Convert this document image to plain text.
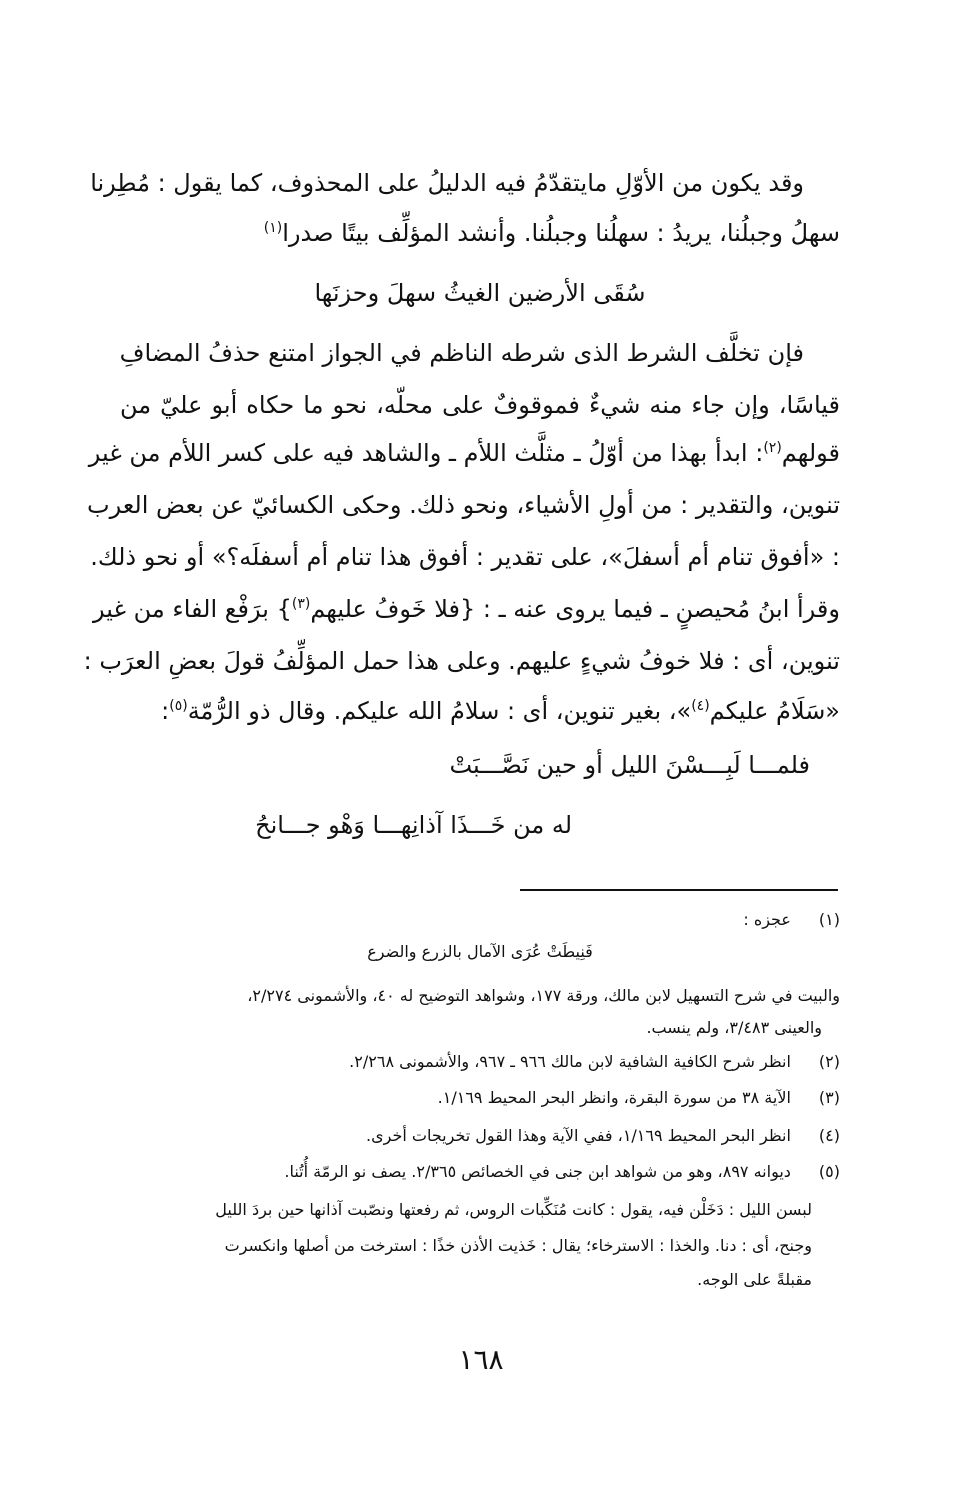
وقد يكون من الأوّلِ مايتقدّمُ فيه الدليلُ على المحذوف، كما يقول : مُطِرنا
سهلُ وجبلُنا، يريدُ : سهلُنا وجبلُنا. وأنشد المؤلِّف بيتًا صدرا$^{(١)}$
سُقَى الأرضين الغيثُ سهلَ وحزنَها
فإن تخلَّف الشرط الذى شرطه الناظم في الجواز امتنع حذفُ المضافِ
قياسًا، وإن جاء منه شيءٌ فموقوفٌ على محلّه، نحو ما حكاه أبو عليّ من
قولهم$^{(٢)}$: ابدأ بهذا من أوّلُ ـ مثلَّث اللأم ـ والشاهد فيه على كسر اللأم من غير
تنوين، والتقدير : من أولِ الأشياء، ونحو ذلك. وحكى الكسائيّ عن بعض العرب
: «أفوق تنام أم أسفلَ»، على تقدير : أفوق هذا تنام أم أسفلَه؟» أو نحو ذلك.
وقرأ ابنُ مُحيصنٍ ـ فيما يروى عنه ـ : {فلا خَوفُ عليهم$^{(٣)}$} برَفْع الفاء من غير
تنوين، أى : فلا خوفُ شيءٍ عليهم. وعلى هذا حمل المؤلِّفُ قولَ بعضِ العرَب :
«سَلَامُ عليكم$^{(٤)}$»، بغير تنوين، أى : سلامُ الله عليكم. وقال ذو الرُّمّة$^{(٥)}$:
فلمـــا لَبِـــسْنَ الليل أو حين نَصَّـــبَتْ
له من خَـــذَا آذانِهـــا وَهْو جـــانحُ
(١) عجزه :
فَنِيطَتْ عُرَى الآمال بالزرع والضرع
والبيت في شرح التسهيل لابن مالك، ورقة ١٧٧، وشواهد التوضيح له ٤٠، والأشمونى ٢/٢٧٤،
والعينى ٣/٤٨٣، ولم ينسب.
(٢) انظر شرح الكافية الشافية لابن مالك ٩٦٦ ـ ٩٦٧، والأشمونى ٢/٢٦٨.
(٣) الآية ٣٨ من سورة البقرة، وانظر البحر المحيط ١/١٦٩.
(٤) انظر البحر المحيط ١/١٦٩، ففي الآية وهذا القول تخريجات أخرى.
(٥) ديوانه ٨٩٧، وهو من شواهد ابن جنى في الخصائص ٢/٣٦٥. يصف نو الرمّة أُتُنا.
لبسن الليل : دَخَلْن فيه، يقول : كانت مُنَكِّبات الروس، ثم رفعتها ونصّبت آذانها حين بردَ الليل
وجنح، أى : دنا. والخذا : الاسترخاء؛ يقال : خَذيت الأذن خذًا : استرخت من أصلها وانكسرت
مقبلةً على الوجه.
١٦٨
